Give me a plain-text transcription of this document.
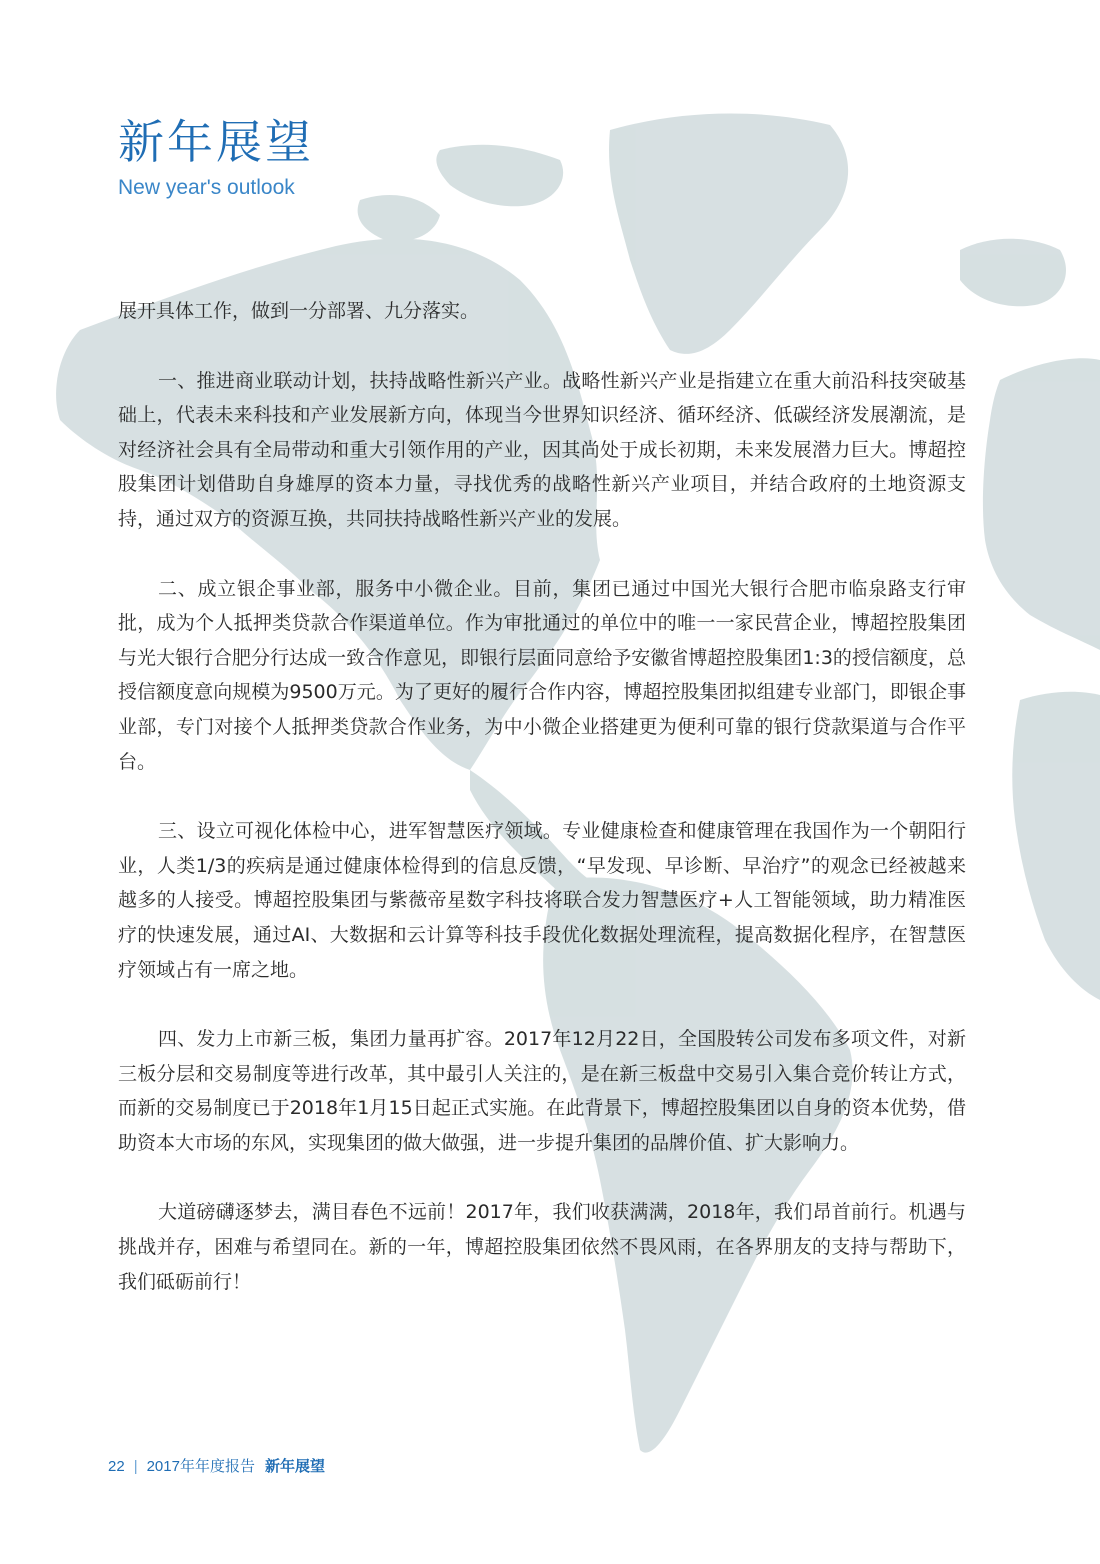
新年展望
New year's outlook

展开具体工作，做到一分部署、九分落实。

一、推进商业联动计划，扶持战略性新兴产业。战略性新兴产业是指建立在重大前沿科技突破基础上，代表未来科技和产业发展新方向，体现当今世界知识经济、循环经济、低碳经济发展潮流，是对经济社会具有全局带动和重大引领作用的产业，因其尚处于成长初期，未来发展潜力巨大。博超控股集团计划借助自身雄厚的资本力量，寻找优秀的战略性新兴产业项目，并结合政府的土地资源支持，通过双方的资源互换，共同扶持战略性新兴产业的发展。

二、成立银企事业部，服务中小微企业。目前，集团已通过中国光大银行合肥市临泉路支行审批，成为个人抵押类贷款合作渠道单位。作为审批通过的单位中的唯一一家民营企业，博超控股集团与光大银行合肥分行达成一致合作意见，即银行层面同意给予安徽省博超控股集团1:3的授信额度，总授信额度意向规模为9500万元。为了更好的履行合作内容，博超控股集团拟组建专业部门，即银企事业部，专门对接个人抵押类贷款合作业务，为中小微企业搭建更为便利可靠的银行贷款渠道与合作平台。

三、设立可视化体检中心，进军智慧医疗领域。专业健康检查和健康管理在我国作为一个朝阳行业，人类1/3的疾病是通过健康体检得到的信息反馈，“早发现、早诊断、早治疗”的观念已经被越来越多的人接受。博超控股集团与紫薇帝星数字科技将联合发力智慧医疗+人工智能领域，助力精准医疗的快速发展，通过AI、大数据和云计算等科技手段优化数据处理流程，提高数据化程序，在智慧医疗领域占有一席之地。

四、发力上市新三板，集团力量再扩容。2017年12月22日，全国股转公司发布多项文件，对新三板分层和交易制度等进行改革，其中最引人关注的，是在新三板盘中交易引入集合竞价转让方式，而新的交易制度已于2018年1月15日起正式实施。在此背景下，博超控股集团以自身的资本优势，借助资本大市场的东风，实现集团的做大做强，进一步提升集团的品牌价值、扩大影响力。

大道磅礴逐梦去，满目春色不远前！2017年，我们收获满满，2018年，我们昂首前行。机遇与挑战并存，困难与希望同在。新的一年，博超控股集团依然不畏风雨，在各界朋友的支持与帮助下，我们砥砺前行！

22 | 2017年年度报告 新年展望
